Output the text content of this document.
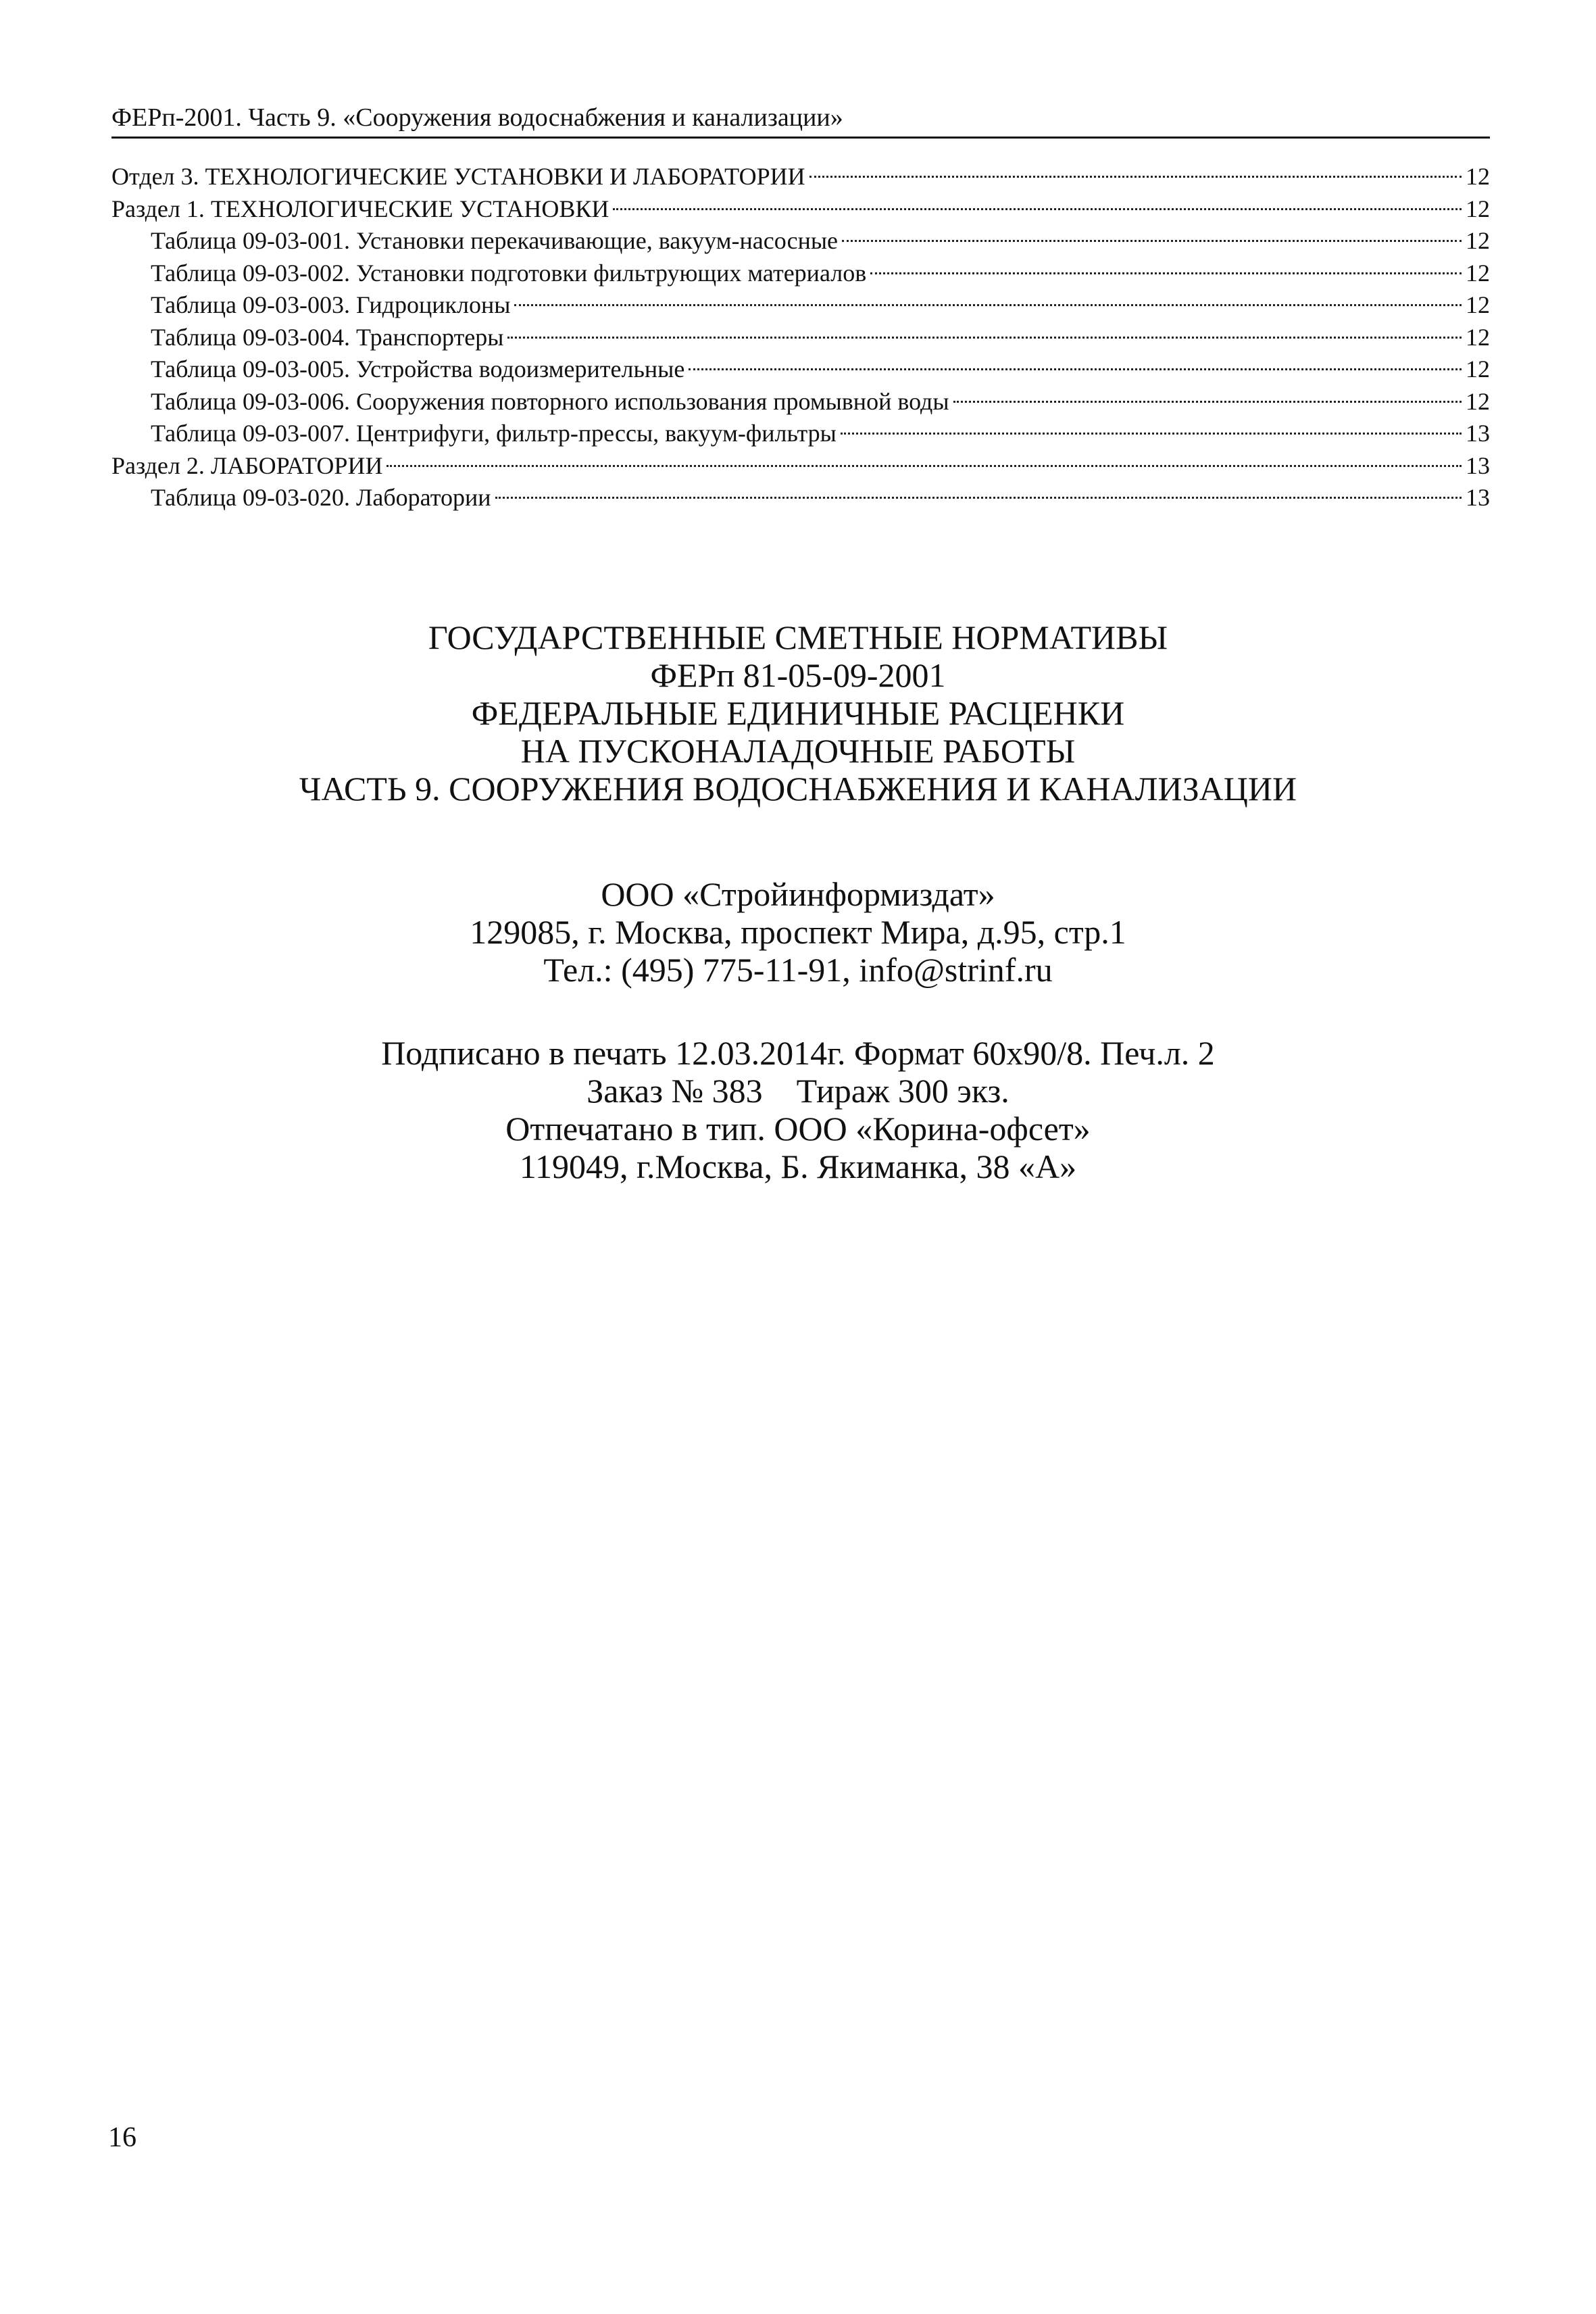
ФЕРп-2001. Часть 9. «Сооружения водоснабжения и канализации»
Отдел 3. ТЕХНОЛОГИЧЕСКИЕ УСТАНОВКИ И ЛАБОРАТОРИИ	12
Раздел 1. ТЕХНОЛОГИЧЕСКИЕ УСТАНОВКИ	12
Таблица 09-03-001. Установки перекачивающие, вакуум-насосные	12
Таблица 09-03-002. Установки подготовки фильтрующих материалов	12
Таблица 09-03-003. Гидроциклоны	12
Таблица 09-03-004. Транспортеры	12
Таблица 09-03-005. Устройства водоизмерительные	12
Таблица 09-03-006. Сооружения повторного использования промывной воды	12
Таблица 09-03-007. Центрифуги, фильтр-прессы, вакуум-фильтры	13
Раздел 2. ЛАБОРАТОРИИ	13
Таблица 09-03-020. Лаборатории	13
ГОСУДАРСТВЕННЫЕ СМЕТНЫЕ НОРМАТИВЫ
ФЕРп 81-05-09-2001
ФЕДЕРАЛЬНЫЕ ЕДИНИЧНЫЕ РАСЦЕНКИ
НА ПУСКОНАЛАДОЧНЫЕ РАБОТЫ
ЧАСТЬ 9. СООРУЖЕНИЯ ВОДОСНАБЖЕНИЯ И КАНАЛИЗАЦИИ
ООО «Стройинформиздат»
129085, г. Москва, проспект Мира, д.95, стр.1
Тел.: (495) 775-11-91, info@strinf.ru
Подписано в печать 12.03.2014г. Формат 60x90/8. Печ.л. 2
Заказ № 383    Тираж 300 экз.
Отпечатано в тип. ООО «Корина-офсет»
119049, г.Москва, Б. Якиманка, 38 «А»
16
